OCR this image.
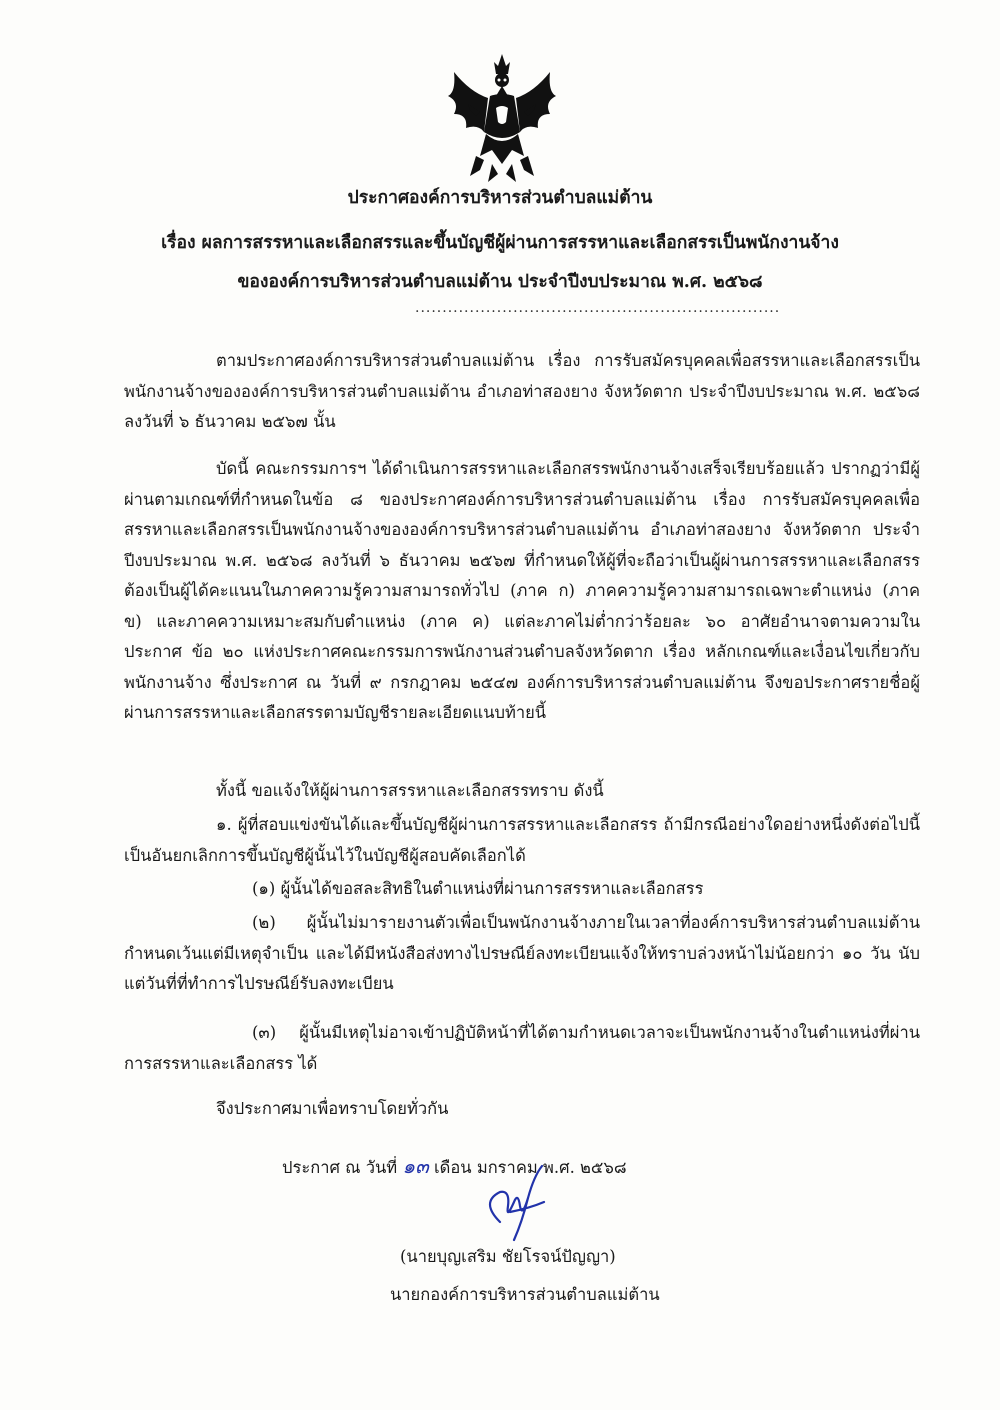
ประกาศองค์การบริหารส่วนตำบลแม่ต้าน
เรื่อง ผลการสรรหาและเลือกสรรและขึ้นบัญชีผู้ผ่านการสรรหาและเลือกสรรเป็นพนักงานจ้าง
ขององค์การบริหารส่วนตำบลแม่ต้าน ประจำปีงบประมาณ พ.ศ. ๒๕๖๘
...................................................................
ตามประกาศองค์การบริหารส่วนตำบลแม่ต้าน เรื่อง การรับสมัครบุคคลเพื่อสรรหาและเลือกสรรเป็นพนักงานจ้างขององค์การบริหารส่วนตำบลแม่ต้าน อำเภอท่าสองยาง จังหวัดตาก ประจำปีงบประมาณ พ.ศ. ๒๕๖๘ ลงวันที่ ๖ ธันวาคม ๒๕๖๗ นั้น
บัดนี้ คณะกรรมการฯ ได้ดำเนินการสรรหาและเลือกสรรพนักงานจ้างเสร็จเรียบร้อยแล้ว ปรากฏว่ามีผู้ผ่านตามเกณฑ์ที่กำหนดในข้อ ๘ ของประกาศองค์การบริหารส่วนตำบลแม่ต้าน เรื่อง การรับสมัครบุคคลเพื่อสรรหาและเลือกสรรเป็นพนักงานจ้างขององค์การบริหารส่วนตำบลแม่ต้าน อำเภอท่าสองยาง จังหวัดตาก ประจำปีงบประมาณ พ.ศ. ๒๕๖๘ ลงวันที่ ๖ ธันวาคม ๒๕๖๗ ที่กำหนดให้ผู้ที่จะถือว่าเป็นผู้ผ่านการสรรหาและเลือกสรรต้องเป็นผู้ได้คะแนนในภาคความรู้ความสามารถทั่วไป (ภาค ก) ภาคความรู้ความสามารถเฉพาะตำแหน่ง (ภาค ข) และภาคความเหมาะสมกับตำแหน่ง (ภาค ค) แต่ละภาคไม่ต่ำกว่าร้อยละ ๖๐ อาศัยอำนาจตามความในประกาศ ข้อ ๒๐ แห่งประกาศคณะกรรมการพนักงานส่วนตำบลจังหวัดตาก เรื่อง หลักเกณฑ์และเงื่อนไขเกี่ยวกับพนักงานจ้าง ซึ่งประกาศ ณ วันที่ ๙ กรกฎาคม ๒๕๔๗ องค์การบริหารส่วนตำบลแม่ต้าน จึงขอประกาศรายชื่อผู้ผ่านการสรรหาและเลือกสรรตามบัญชีรายละเอียดแนบท้ายนี้
ทั้งนี้ ขอแจ้งให้ผู้ผ่านการสรรหาและเลือกสรรทราบ ดังนี้
๑. ผู้ที่สอบแข่งขันได้และขึ้นบัญชีผู้ผ่านการสรรหาและเลือกสรร ถ้ามีกรณีอย่างใดอย่างหนึ่งดังต่อไปนี้ เป็นอันยกเลิกการขึ้นบัญชีผู้นั้นไว้ในบัญชีผู้สอบคัดเลือกได้
(๑) ผู้นั้นได้ขอสละสิทธิในตำแหน่งที่ผ่านการสรรหาและเลือกสรร
(๒) ผู้นั้นไม่มารายงานตัวเพื่อเป็นพนักงานจ้างภายในเวลาที่องค์การบริหารส่วนตำบลแม่ต้านกำหนดเว้นแต่มีเหตุจำเป็น และได้มีหนังสือส่งทางไปรษณีย์ลงทะเบียนแจ้งให้ทราบล่วงหน้าไม่น้อยกว่า ๑๐ วัน นับแต่วันที่ที่ทำการไปรษณีย์รับลงทะเบียน
(๓) ผู้นั้นมีเหตุไม่อาจเข้าปฏิบัติหน้าที่ได้ตามกำหนดเวลาจะเป็นพนักงานจ้างในตำแหน่งที่ผ่านการสรรหาและเลือกสรร ได้
จึงประกาศมาเพื่อทราบโดยทั่วกัน
ประกาศ ณ วันที่ ๑๓ เดือน มกราคม พ.ศ. ๒๕๖๘
(นายบุญเสริม ชัยโรจน์ปัญญา)
นายกองค์การบริหารส่วนตำบลแม่ต้าน
